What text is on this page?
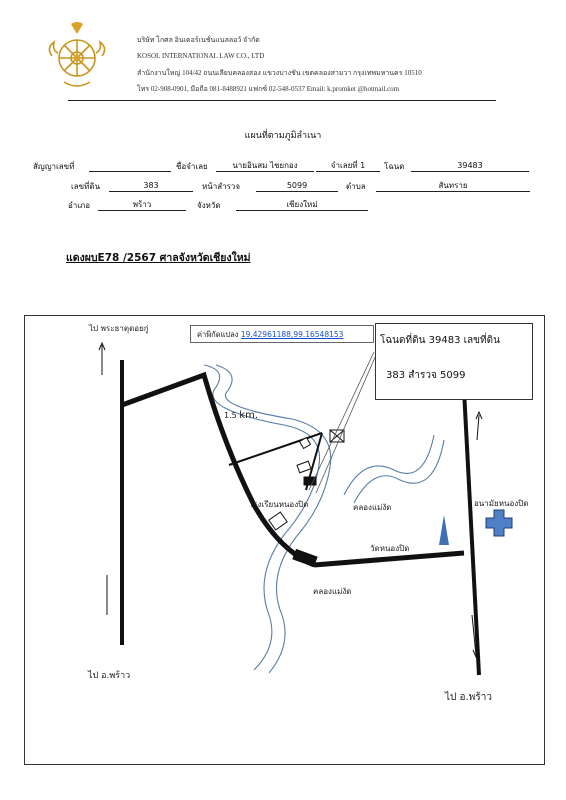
บริษัท โกศล อินเตอร์เนชั่นแนลลอว์ จำกัด
KOSOL INTERNATIONAL LAW CO., LTD
สำนักงานใหญ่ 104/42 ถนนเลียบคลองสอง แขวงบางชัน เขตคลองสามวา กรุงเทพมหานคร 10510
โทร 02-908-0901, มือถือ 081-8488921 แฟกซ์ 02-548-0537 Email: k.promket @hotmail.com
แผนที่ตามภูมิลำเนา
สัญญาเลขที่	ชื่อจำเลย	นายอินสม ไชยกอง	จำเลยที่ 1	โฉนด	39483
เลขที่ดิน	383	หน้าสำรวจ	5099	ตำบล	สันทราย
อำเภอ	พร้าว	จังหวัด	เชียงใหม่
แดงผบE78 /2567 ศาลจังหวัดเชียงใหม่
ค่าพิกัดแปลง 19.42961188,99.16548153
โฉนดที่ดิน 39483 เลขที่ดิน
383 สำรวจ 5099
ไป พระธาตุดอยกู่
1.5 km.
โรงเรียนหนองปิด	คลองแม่งัด
คลองแม่งัด
วัดหนองปิด
อนามัยหนองปิด
ไป อ.พร้าว
ไป อ.พร้าว
